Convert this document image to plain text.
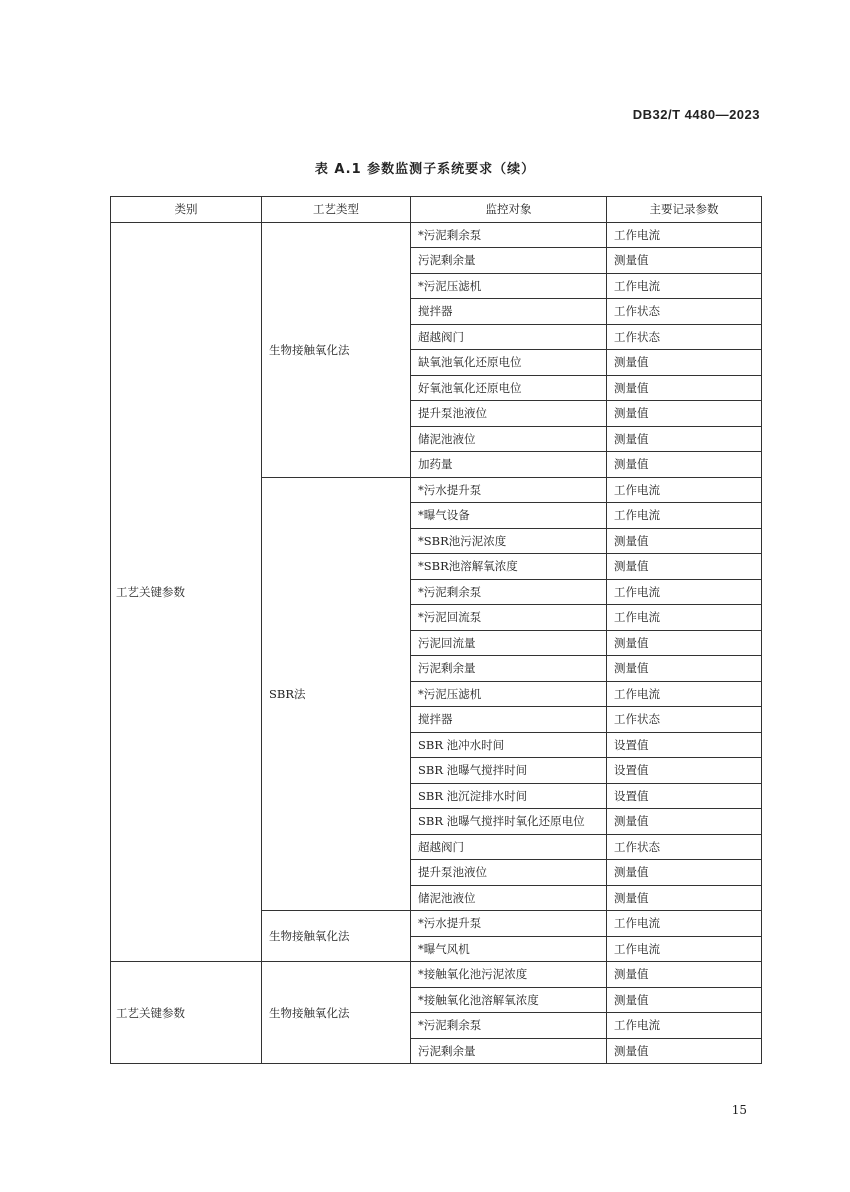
DB32/T 4480—2023
表 A.1 参数监测子系统要求（续）
类别	工艺类型	监控对象	主要记录参数
工艺关键参数	生物接触氧化法	*污泥剩余泵	工作电流
		污泥剩余量	测量值
		*污泥压滤机	工作电流
		搅拌器	工作状态
		超越阀门	工作状态
		缺氧池氧化还原电位	测量值
		好氧池氧化还原电位	测量值
		提升泵池液位	测量值
		储泥池液位	测量值
		加药量	测量值
	SBR法	*污水提升泵	工作电流
		*曝气设备	工作电流
		*SBR池污泥浓度	测量值
		*SBR池溶解氧浓度	测量值
		*污泥剩余泵	工作电流
		*污泥回流泵	工作电流
		污泥回流量	测量值
		污泥剩余量	测量值
		*污泥压滤机	工作电流
		搅拌器	工作状态
		SBR 池冲水时间	设置值
		SBR 池曝气搅拌时间	设置值
		SBR 池沉淀排水时间	设置值
		SBR 池曝气搅拌时氧化还原电位	测量值
		超越阀门	工作状态
		提升泵池液位	测量值
		储泥池液位	测量值
	生物接触氧化法	*污水提升泵	工作电流
		*曝气风机	工作电流
工艺关键参数	生物接触氧化法	*接触氧化池污泥浓度	测量值
		*接触氧化池溶解氧浓度	测量值
		*污泥剩余泵	工作电流
		污泥剩余量	测量值
15
